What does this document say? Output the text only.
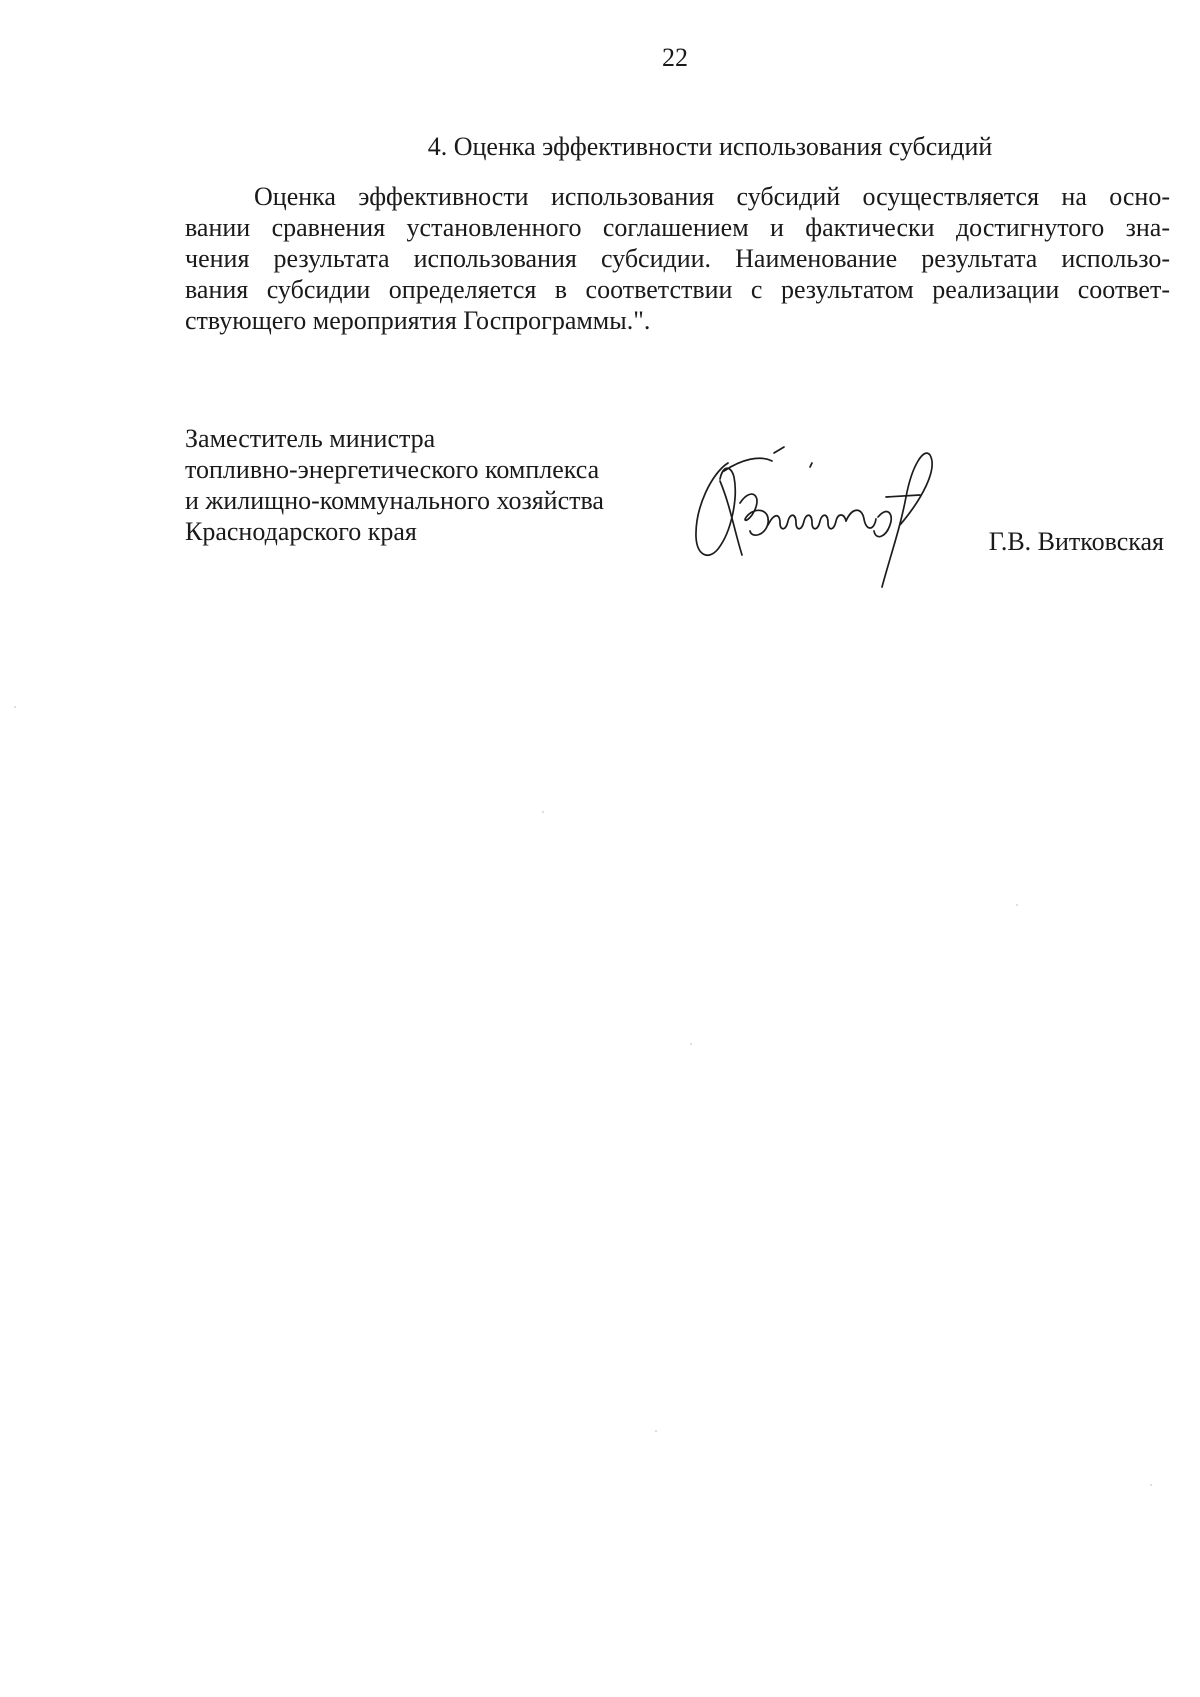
22
4. Оценка эффективности использования субсидий
Оценка эффективности использования субсидий осуществляется на осно-
вании сравнения установленного соглашением и фактически достигнутого зна-
чения результата использования субсидии. Наименование результата использо-
вания субсидии определяется в соответствии с результатом реализации соответ-
ствующего мероприятия Госпрограммы.".
Заместитель министра
топливно-энергетического комплекса
и жилищно-коммунального хозяйства
Краснодарского края	Г.В. Витковская
